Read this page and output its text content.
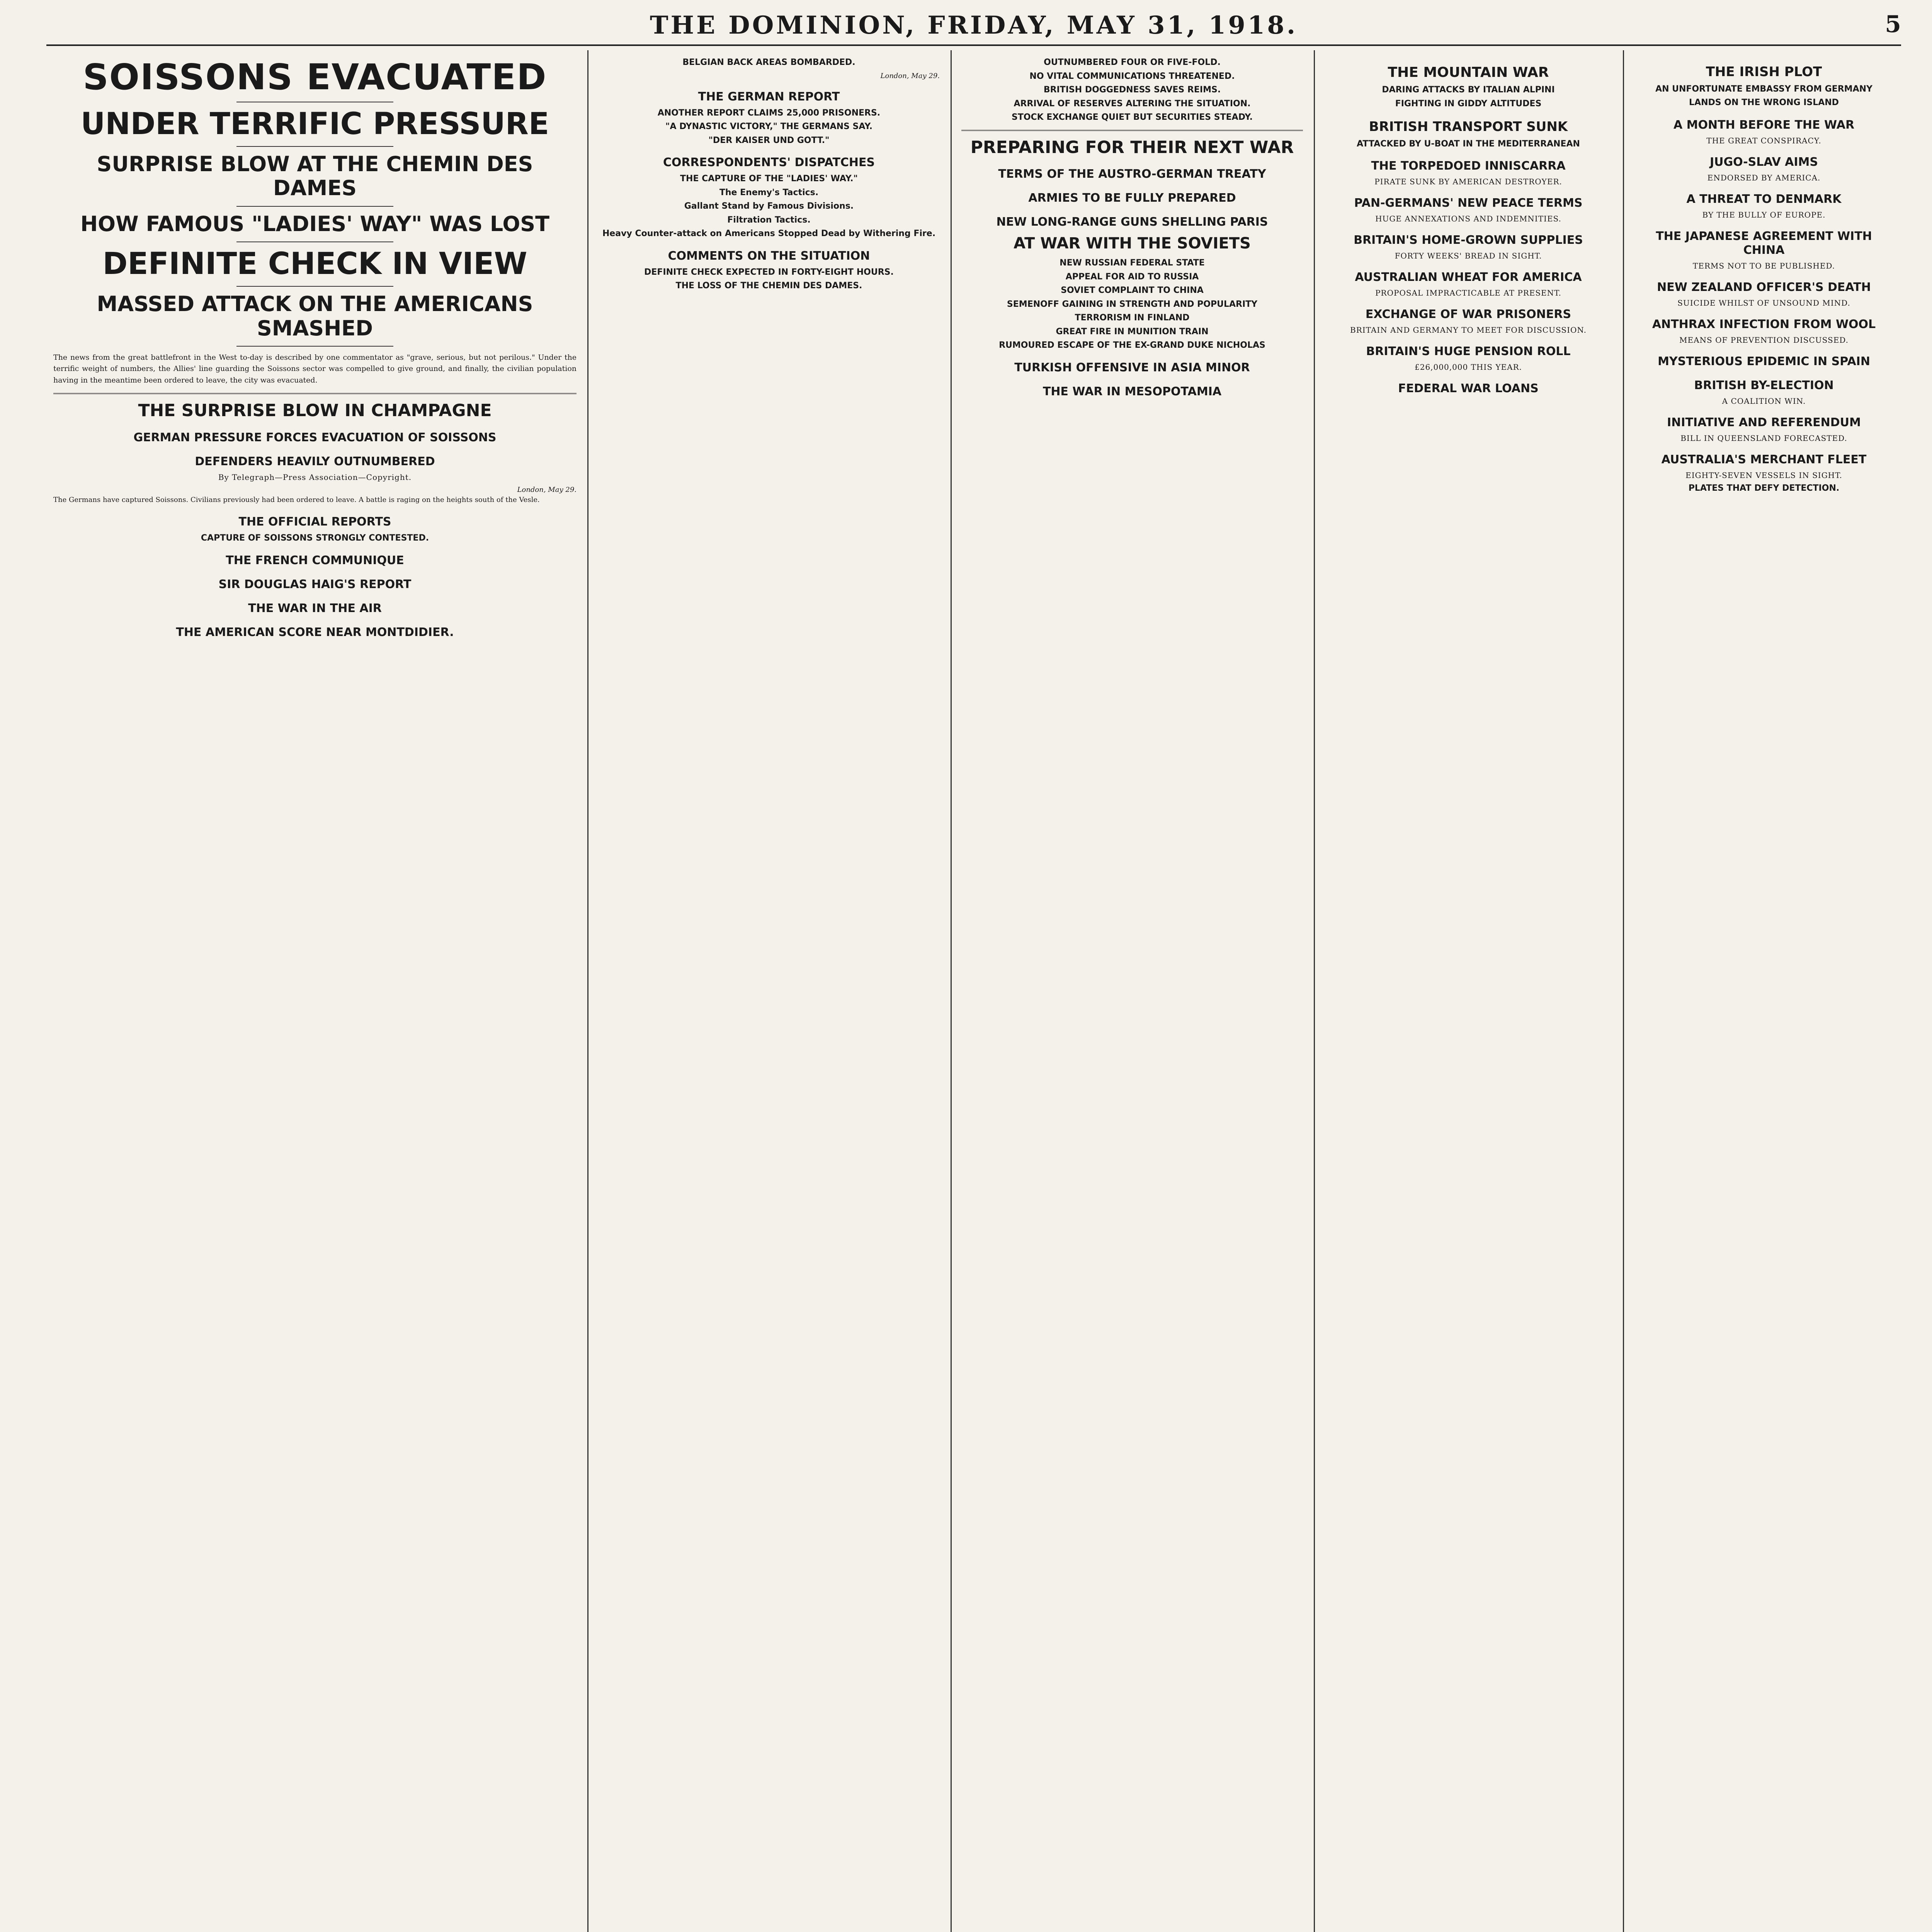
THE DOMINION, FRIDAY, MAY 31, 1918.	5
SOISSONS EVACUATED
UNDER TERRIFIC PRESSURE
SURPRISE BLOW AT THE CHEMIN DES DAMES
HOW FAMOUS "LADIES' WAY" WAS LOST
DEFINITE CHECK IN VIEW
MASSED ATTACK ON THE AMERICANS SMASHED
The news from the great battlefront in the West to-day is described by one commentator as "grave, serious, but not perilous." Under the terrific weight of numbers, the Allies' line guarding the Soissons sector was compelled to give ground, and finally, the civilian population having in the meantime been ordered to leave, the city was evacuated.
THE SURPRISE BLOW IN CHAMPAGNE
GERMAN PRESSURE FORCES EVACUATION OF SOISSONS
DEFENDERS HEAVILY OUTNUMBERED
By Telegraph—Press Association—Copyright.
London, May 29.
The Germans have captured Soissons. Civilians previously had been ordered to leave. A battle is raging on the heights south of the Vesle.
THE OFFICIAL REPORTS
CAPTURE OF SOISSONS STRONGLY CONTESTED.
THE FRENCH COMMUNIQUE
SIR DOUGLAS HAIG'S REPORT
THE WAR IN THE AIR
THE AMERICAN SCORE NEAR MONTDIDIER.
BELGIAN BACK AREAS BOMBARDED.
London, May 29.
THE GERMAN REPORT
ANOTHER REPORT CLAIMS 25,000 PRISONERS.
"A DYNASTIC VICTORY," THE GERMANS SAY.
"DER KAISER UND GOTT."
CORRESPONDENTS' DISPATCHES
THE CAPTURE OF THE "LADIES' WAY."
The Enemy's Tactics.
Gallant Stand by Famous Divisions.
Filtration Tactics.
Heavy Counter-attack on Americans Stopped Dead by Withering Fire.
COMMENTS ON THE SITUATION
DEFINITE CHECK EXPECTED IN FORTY-EIGHT HOURS.
THE LOSS OF THE CHEMIN DES DAMES.
OUTNUMBERED FOUR OR FIVE-FOLD.
NO VITAL COMMUNICATIONS THREATENED.
BRITISH DOGGEDNESS SAVES REIMS.
ARRIVAL OF RESERVES ALTERING THE SITUATION.
STOCK EXCHANGE QUIET BUT SECURITIES STEADY.
PREPARING FOR THEIR NEXT WAR
TERMS OF THE AUSTRO-GERMAN TREATY
ARMIES TO BE FULLY PREPARED
NEW LONG-RANGE GUNS SHELLING PARIS
AT WAR WITH THE SOVIETS
NEW RUSSIAN FEDERAL STATE
APPEAL FOR AID TO RUSSIA
SOVIET COMPLAINT TO CHINA
SEMENOFF GAINING IN STRENGTH AND POPULARITY
TERRORISM IN FINLAND
GREAT FIRE IN MUNITION TRAIN
RUMOURED ESCAPE OF THE EX-GRAND DUKE NICHOLAS
TURKISH OFFENSIVE IN ASIA MINOR
THE WAR IN MESOPOTAMIA
THE MOUNTAIN WAR
DARING ATTACKS BY ITALIAN ALPINI
FIGHTING IN GIDDY ALTITUDES
BRITISH TRANSPORT SUNK
ATTACKED BY U-BOAT IN THE MEDITERRANEAN
THE TORPEDOED INNISCARRA
PIRATE SUNK BY AMERICAN DESTROYER.
PAN-GERMANS' NEW PEACE TERMS
HUGE ANNEXATIONS AND INDEMNITIES.
BRITAIN'S HOME-GROWN SUPPLIES
FORTY WEEKS' BREAD IN SIGHT.
AUSTRALIAN WHEAT FOR AMERICA
PROPOSAL IMPRACTICABLE AT PRESENT.
EXCHANGE OF WAR PRISONERS
BRITAIN AND GERMANY TO MEET FOR DISCUSSION.
BRITAIN'S HUGE PENSION ROLL
£26,000,000 THIS YEAR.
FEDERAL WAR LOANS
THE IRISH PLOT
AN UNFORTUNATE EMBASSY FROM GERMANY
LANDS ON THE WRONG ISLAND
A MONTH BEFORE THE WAR
THE GREAT CONSPIRACY.
JUGO-SLAV AIMS
ENDORSED BY AMERICA.
A THREAT TO DENMARK
BY THE BULLY OF EUROPE.
THE JAPANESE AGREEMENT WITH CHINA
TERMS NOT TO BE PUBLISHED.
NEW ZEALAND OFFICER'S DEATH
SUICIDE WHILST OF UNSOUND MIND.
ANTHRAX INFECTION FROM WOOL
MEANS OF PREVENTION DISCUSSED.
MYSTERIOUS EPIDEMIC IN SPAIN
BRITISH BY-ELECTION
A COALITION WIN.
INITIATIVE AND REFERENDUM
BILL IN QUEENSLAND FORECASTED.
AUSTRALIA'S MERCHANT FLEET
EIGHTY-SEVEN VESSELS IN SIGHT.
PLATES THAT DEFY DETECTION.
